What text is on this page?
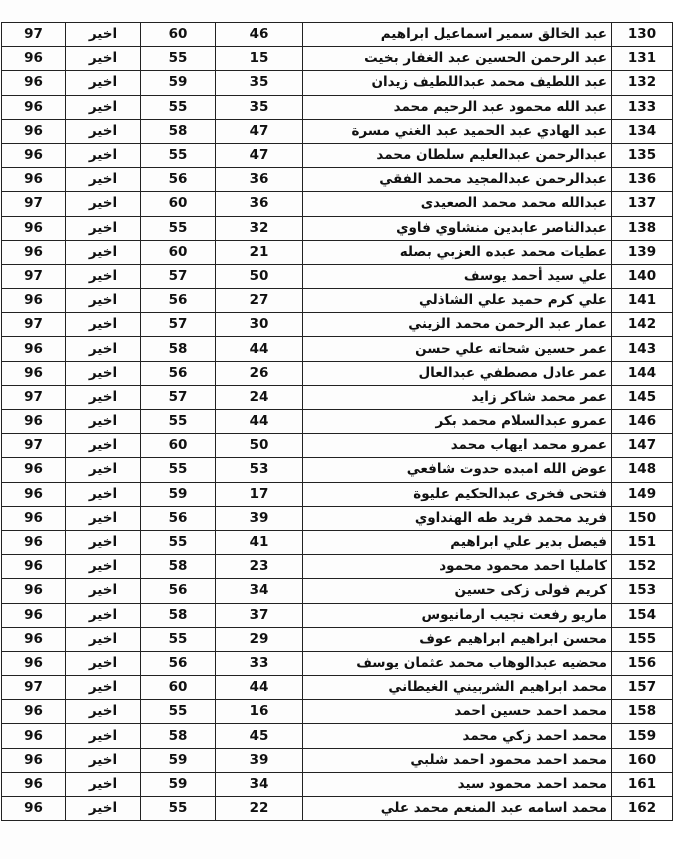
97	اخير	60	46	عبد الخالق سمير اسماعيل ابراهيم	130
96	اخير	55	15	عبد الرحمن الحسين عبد الغفار بخيت	131
96	اخير	59	35	عبد اللطيف محمد عبداللطيف زيدان	132
96	اخير	55	35	عبد الله محمود عبد الرحيم محمد	133
96	اخير	58	47	عبد الهادي عبد الحميد عبد الغني مسرة	134
96	اخير	55	47	عبدالرحمن عبدالعليم سلطان محمد	135
96	اخير	56	36	عبدالرحمن عبدالمجيد محمد الفقي	136
97	اخير	60	36	عبدالله محمد محمد الصعيدى	137
96	اخير	55	32	عبدالناصر عابدين منشاوي فاوي	138
96	اخير	60	21	عطيات محمد عبده العزبي بصله	139
97	اخير	57	50	علي سيد أحمد يوسف	140
96	اخير	56	27	علي كرم حميد علي الشاذلي	141
97	اخير	57	30	عمار عبد الرحمن محمد الزيني	142
96	اخير	58	44	عمر حسين شحاته علي حسن	143
96	اخير	56	26	عمر عادل مصطفي عبدالعال	144
97	اخير	57	24	عمر محمد شاكر زايد	145
96	اخير	55	44	عمرو عبدالسلام محمد بكر	146
97	اخير	60	50	عمرو محمد ايهاب محمد	147
96	اخير	55	53	عوض الله امبده حدوت شافعي	148
96	اخير	59	17	فتحى فخرى عبدالحكيم عليوة	149
96	اخير	56	39	فريد محمد فريد طه الهنداوي	150
96	اخير	55	41	فيصل بدير علي ابراهيم	151
96	اخير	58	23	كامليا احمد محمود محمود	152
96	اخير	56	34	كريم فولى زكى حسين	153
96	اخير	58	37	ماريو رفعت نجيب ارمانيوس	154
96	اخير	55	29	محسن ابراهيم ابراهيم عوف	155
96	اخير	56	33	محضيه عبدالوهاب محمد عثمان يوسف	156
97	اخير	60	44	محمد ابراهيم الشربيني الغيطاني	157
96	اخير	55	16	محمد احمد حسين احمد	158
96	اخير	58	45	محمد احمد زكي محمد	159
96	اخير	59	39	محمد احمد محمود احمد شلبي	160
96	اخير	59	34	محمد احمد محمود سيد	161
96	اخير	55	22	محمد اسامه عبد المنعم محمد علي	162
